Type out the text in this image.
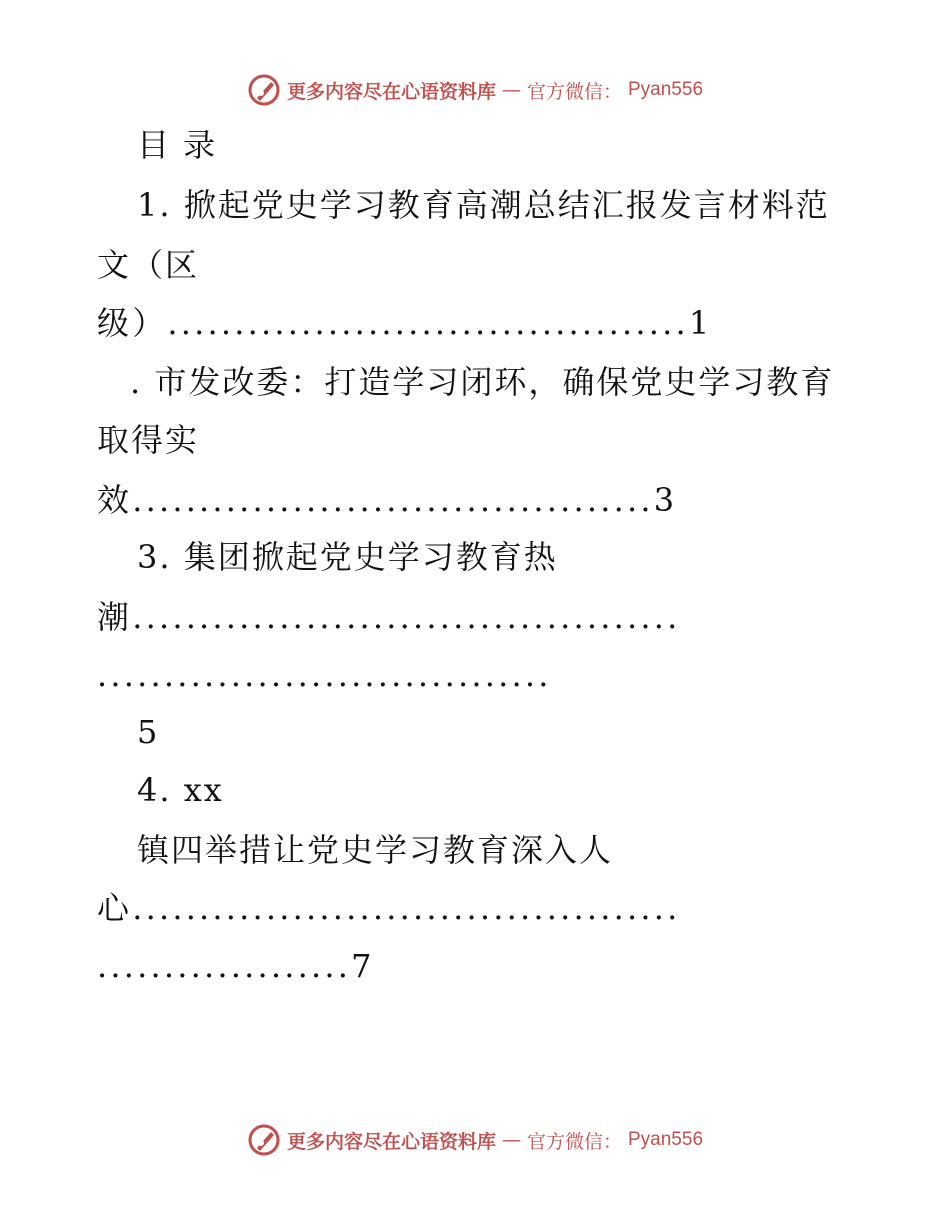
更多内容尽在心语资料库 — 官方微信： Pyan556
目 录
1. 掀起党史学习教育高潮总结汇报发言材料范
文（区
级）.......................................1
. 市发改委：打造学习闭环，确保党史学习教育
取得实
效.......................................3
3. 集团掀起党史学习教育热
潮.........................................
..................................
5
4. xx
镇四举措让党史学习教育深入人
心.........................................
...................7
更多内容尽在心语资料库 — 官方微信： Pyan556
